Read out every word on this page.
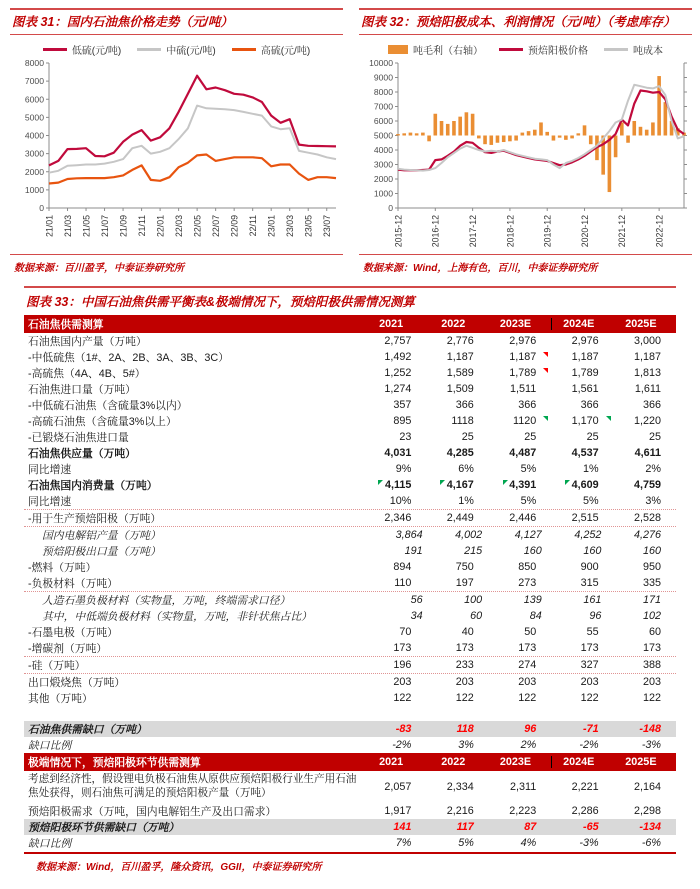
图表 31：国内石油焦价格走势（元/吨）
低硫(元/吨)	中硫(元/吨)	高硫(元/吨)
0
1000
2000
3000
4000
5000
6000
7000
8000
21/01 21/03 21/05 21/07 21/09 21/11 22/01 22/03 22/05 22/07 22/09 22/11 23/01 23/03 23/05 23/07
数据来源：百川盈孚，中泰证券研究所
图表 32：预焙阳极成本、利润情况（元/吨）（考虑库存）
吨毛利（右轴）	预焙阳极价格	吨成本
0
1000
2000
3000
4000
5000
6000
7000
8000
9000
10000
2015-12	2016-12	2017-12	2018-12	2019-12	2020-12	2021-12	2022-12
数据来源：Wind，上海有色，百川，中泰证券研究所
图表 33：中国石油焦供需平衡表&极端情况下，预焙阳极供需情况测算
石油焦供需测算	2021	2022	2023E	2024E	2025E
石油焦国内产量（万吨）	2,757	2,776	2,976	2,976	3,000
-中低硫焦（1#、2A、2B、3A、3B、3C）	1,492	1,187	1,187	1,187	1,187
-高硫焦（4A、4B、5#）	1,252	1,589	1,789	1,789	1,813
石油焦进口量（万吨）	1,274	1,509	1,511	1,561	1,611
-中低硫石油焦（含硫量3%以内）	357	366	366	366	366
-高硫石油焦（含硫量3%以上）	895	1118	1120	1,170	1,220
-已锻烧石油焦进口量	23	25	25	25	25
石油焦供应量（万吨）	4,031	4,285	4,487	4,537	4,611
同比增速	9%	6%	5%	1%	2%
石油焦国内消费量（万吨）	4,115	4,167	4,391	4,609	4,759
同比增速	10%	1%	5%	5%	3%
-用于生产预焙阳极（万吨）	2,346	2,449	2,446	2,515	2,528
国内电解铝产量（万吨）	3,864	4,002	4,127	4,252	4,276
预焙阳极出口量（万吨）	191	215	160	160	160
-燃料（万吨）	894	750	850	900	950
-负极材料（万吨）	110	197	273	315	335
人造石墨负极材料（实物量，万吨，终端需求口径）	56	100	139	161	171
其中，中低端负极材料（实物量，万吨，非针状焦占比）	34	60	84	96	102
-石墨电极（万吨）	70	40	50	55	60
-增碳剂（万吨）	173	173	173	173	173
-硅（万吨）	196	233	274	327	388
出口煅烧焦（万吨）	203	203	203	203	203
其他（万吨）	122	122	122	122	122
石油焦供需缺口（万吨）	-83	118	96	-71	-148
缺口比例	-2%	3%	2%	-2%	-3%
极端情况下，预焙阳极环节供需测算	2021	2022	2023E	2024E	2025E
考虑到经济性，假设锂电负极石油焦从原供应预焙阳极行业生产用石油焦处获得，则石油焦可满足的预焙阳极产量（万吨）	2,057	2,334	2,311	2,221	2,164
预焙阳极需求（万吨，国内电解铝生产及出口需求）	1,917	2,216	2,223	2,286	2,298
预焙阳极环节供需缺口（万吨）	141	117	87	-65	-134
缺口比例	7%	5%	4%	-3%	-6%
数据来源：Wind，百川盈孚，隆众资讯，GGII，中泰证券研究所
